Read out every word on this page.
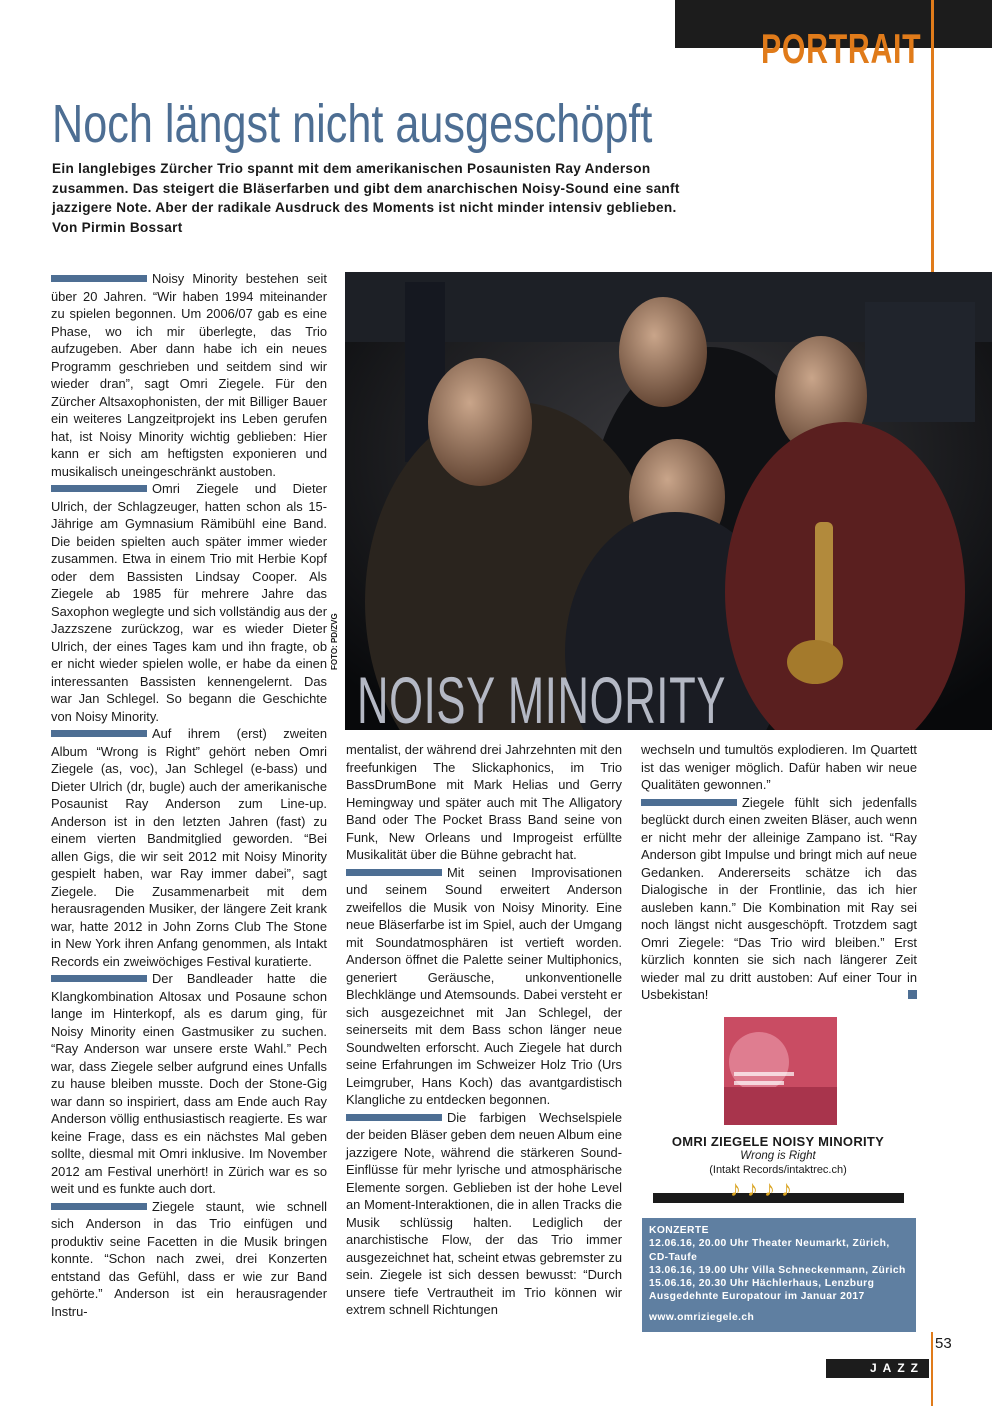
PORTRAIT
Noch längst nicht ausgeschöpft

Ein langlebiges Zürcher Trio spannt mit dem amerikanischen Posaunisten Ray Anderson zusammen. Das steigert die Bläserfarben und gibt dem anarchischen Noisy-Sound eine sanft jazzigere Note. Aber der radikale Ausdruck des Moments ist nicht minder intensiv geblieben.
Von Pirmin Bossart

Noisy Minority bestehen seit über 20 Jahren. “Wir haben 1994 miteinander zu spielen begonnen. Um 2006/07 gab es eine Phase, wo ich mir überlegte, das Trio aufzugeben. Aber dann habe ich ein neues Programm geschrieben und seitdem sind wir wieder dran”, sagt Omri Ziegele. Für den Zürcher Altsaxophonisten, der mit Billiger Bauer ein weiteres Langzeitprojekt ins Leben gerufen hat, ist Noisy Minority wichtig geblieben: Hier kann er sich am heftigsten exponieren und musikalisch uneingeschränkt austoben.

Omri Ziegele und Dieter Ulrich, der Schlagzeuger, hatten schon als 15-Jährige am Gymnasium Rämibühl eine Band. Die beiden spielten auch später immer wieder zusammen. Etwa in einem Trio mit Herbie Kopf oder dem Bassisten Lindsay Cooper. Als Ziegele ab 1985 für mehrere Jahre das Saxophon weglegte und sich vollständig aus der Jazzszene zurückzog, war es wieder Dieter Ulrich, der eines Tages kam und ihn fragte, ob er nicht wieder spielen wolle, er habe da einen interessanten Bassisten kennengelernt. Das war Jan Schlegel. So begann die Geschichte von Noisy Minority.

Auf ihrem (erst) zweiten Album “Wrong is Right” gehört neben Omri Ziegele (as, voc), Jan Schlegel (e-bass) und Dieter Ulrich (dr, bugle) auch der amerikanische Posaunist Ray Anderson zum Line-up. Anderson ist in den letzten Jahren (fast) zu einem vierten Bandmitglied geworden. “Bei allen Gigs, die wir seit 2012 mit Noisy Minority gespielt haben, war Ray immer dabei”, sagt Ziegele. Die Zusammenarbeit mit dem herausragenden Musiker, der längere Zeit krank war, hatte 2012 in John Zorns Club The Stone in New York ihren Anfang genommen, als Intakt Records ein zweiwöchiges Festival kuratierte.

Der Bandleader hatte die Klangkombination Altosax und Posaune schon lange im Hinterkopf, als es darum ging, für Noisy Minority einen Gastmusiker zu suchen. “Ray Anderson war unsere erste Wahl.” Pech war, dass Ziegele selber aufgrund eines Unfalls zu hause bleiben musste. Doch der Stone-Gig war dann so inspiriert, dass am Ende auch Ray Anderson völlig enthusiastisch reagierte. Es war keine Frage, dass es ein nächstes Mal geben sollte, diesmal mit Omri inklusive. Im November 2012 am Festival unerhört! in Zürich war es so weit und es funkte auch dort.

Ziegele staunt, wie schnell sich Anderson in das Trio einfügen und produktiv seine Facetten in die Musik bringen konnte. “Schon nach zwei, drei Konzerten entstand das Gefühl, dass er wie zur Band gehörte.” Anderson ist ein herausragender Instru-

NOISY MINORITY
FOTO: PD/ZVG

mentalist, der während drei Jahrzehnten mit den freefunkigen The Slickaphonics, im Trio BassDrumBone mit Mark Helias und Gerry Hemingway und später auch mit The Alligatory Band oder The Pocket Brass Band seine von Funk, New Orleans und Improgeist erfüllte Musikalität über die Bühne gebracht hat.

Mit seinen Improvisationen und seinem Sound erweitert Anderson zweifellos die Musik von Noisy Minority. Eine neue Bläserfarbe ist im Spiel, auch der Umgang mit Soundatmosphären ist vertieft worden. Anderson öffnet die Palette seiner Multiphonics, generiert Geräusche, unkonventionelle Blechklänge und Atemsounds. Dabei versteht er sich ausgezeichnet mit Jan Schlegel, der seinerseits mit dem Bass schon länger neue Soundwelten erforscht. Auch Ziegele hat durch seine Erfahrungen im Schweizer Holz Trio (Urs Leimgruber, Hans Koch) das avantgardistisch Klangliche zu entdecken begonnen.

Die farbigen Wechselspiele der beiden Bläser geben dem neuen Album eine jazzigere Note, während die stärkeren Sound-Einflüsse für mehr lyrische und atmosphärische Elemente sorgen. Geblieben ist der hohe Level an Moment-Interaktionen, die in allen Tracks die Musik schlüssig halten. Lediglich der anarchistische Flow, der das Trio immer ausgezeichnet hat, scheint etwas gebremster zu sein. Ziegele ist sich dessen bewusst: “Durch unsere tiefe Vertrautheit im Trio können wir extrem schnell Richtungen

wechseln und tumultös explodieren. Im Quartett ist das weniger möglich. Dafür haben wir neue Qualitäten gewonnen.”

Ziegele fühlt sich jedenfalls beglückt durch einen zweiten Bläser, auch wenn er nicht mehr der alleinige Zampano ist. “Ray Anderson gibt Impulse und bringt mich auf neue Gedanken. Andererseits schätze ich das Dialogische in der Frontlinie, das ich hier ausleben kann.” Die Kombination mit Ray sei noch längst nicht ausgeschöpft. Trotzdem sagt Omri Ziegele: “Das Trio wird bleiben.” Erst kürzlich konnten sie sich nach längerer Zeit wieder mal zu dritt austoben: Auf einer Tour in Usbekistan!

OMRI ZIEGELE NOISY MINORITY
Wrong is Right
(Intakt Records/intaktrec.ch)
♪♪♪♪
KONZERTE
12.06.16, 20.00 Uhr Theater Neumarkt, Zürich,
CD-Taufe
13.06.16, 19.00 Uhr Villa Schneckenmann, Zürich
15.06.16, 20.30 Uhr Hächlerhaus, Lenzburg
Ausgedehnte Europatour im Januar 2017
www.omriziegele.ch
53
JAZZ
